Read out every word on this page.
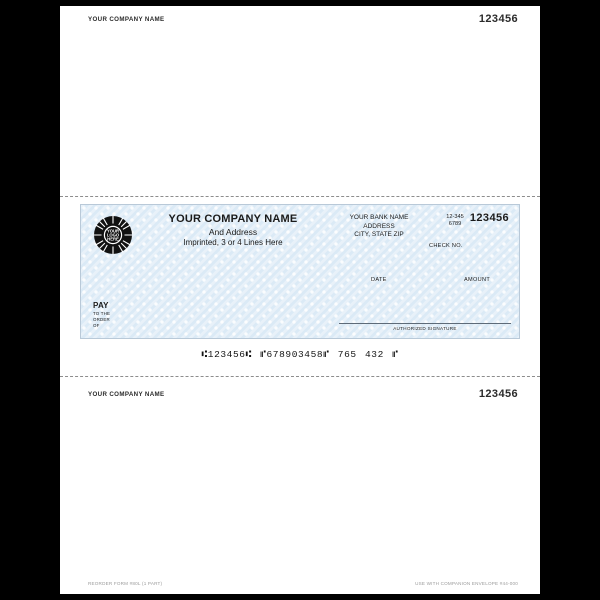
YOUR COMPANY NAME	123456
YOUR
LOGO
HERE
YOUR COMPANY NAME
And Address
Imprinted, 3 or 4 Lines Here
YOUR BANK NAME
ADDRESS
CITY, STATE ZIP
12-345
6789 123456
CHECK NO.
DATE	AMOUNT
PAY
TO THE
ORDER
OF
AUTHORIZED SIGNATURE
⑆123456⑆ ⑈678903458⑈ 765 432 ⑈
YOUR COMPANY NAME	123456
REORDER FORM #80L (1 PART)	USE WITH COMPANION ENVELOPE #44-000
